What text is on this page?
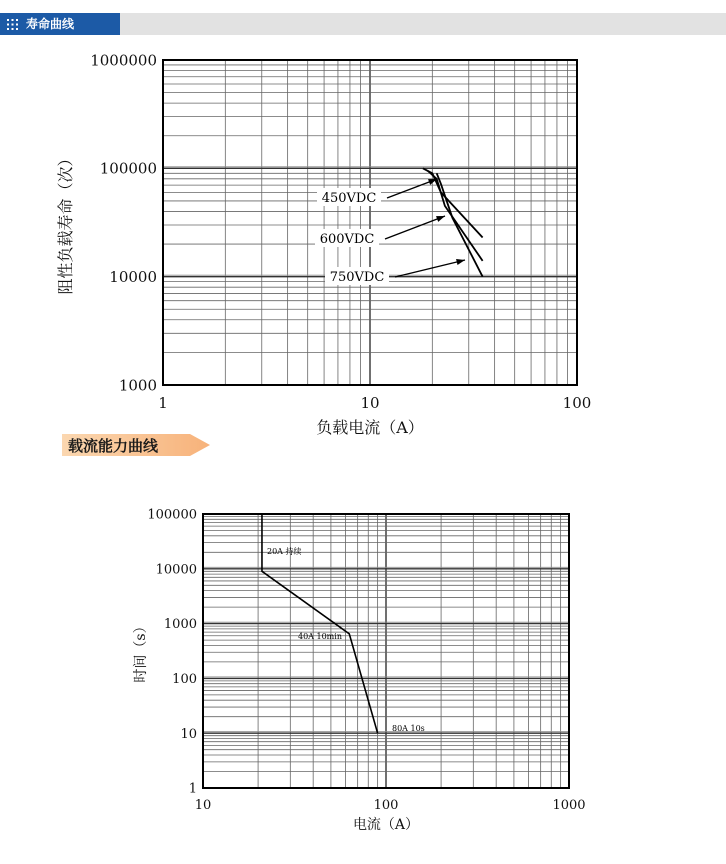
寿命曲线
载流能力曲线
1	10	100
1000
10000
100000
1000000
负载电流（A）
阻性负载寿命（次）	450VDC
600VDC
750VDC
10	100	1000
1
10
100
1000
10000
100000
电流（A）
时间（s）
20A 持续
40A 10min
80A 10s
